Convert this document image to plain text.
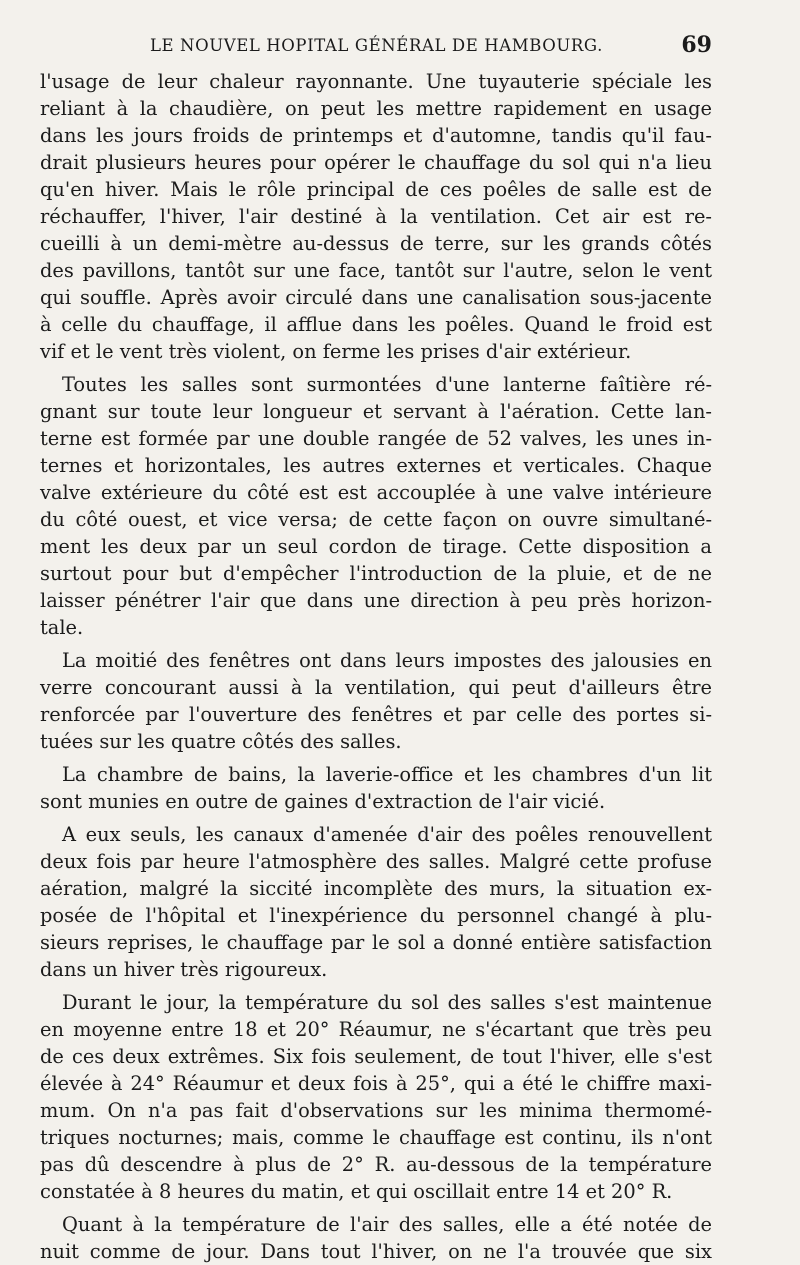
LE NOUVEL HOPITAL GÉNÉRAL DE HAMBOURG.	69
l'usage de leur chaleur rayonnante. Une tuyauterie spéciale les
reliant à la chaudière, on peut les mettre rapidement en usage
dans les jours froids de printemps et d'automne, tandis qu'il fau-
drait plusieurs heures pour opérer le chauffage du sol qui n'a lieu
qu'en hiver. Mais le rôle principal de ces poêles de salle est de
réchauffer, l'hiver, l'air destiné à la ventilation. Cet air est re-
cueilli à un demi-mètre au-dessus de terre, sur les grands côtés
des pavillons, tantôt sur une face, tantôt sur l'autre, selon le vent
qui souffle. Après avoir circulé dans une canalisation sous-jacente
à celle du chauffage, il afflue dans les poêles. Quand le froid est
vif et le vent très violent, on ferme les prises d'air extérieur.
Toutes les salles sont surmontées d'une lanterne faîtière ré-
gnant sur toute leur longueur et servant à l'aération. Cette lan-
terne est formée par une double rangée de 52 valves, les unes in-
ternes et horizontales, les autres externes et verticales. Chaque
valve extérieure du côté est est accouplée à une valve intérieure
du côté ouest, et vice versa; de cette façon on ouvre simultané-
ment les deux par un seul cordon de tirage. Cette disposition a
surtout pour but d'empêcher l'introduction de la pluie, et de ne
laisser pénétrer l'air que dans une direction à peu près horizon-
tale.
La moitié des fenêtres ont dans leurs impostes des jalousies en
verre concourant aussi à la ventilation, qui peut d'ailleurs être
renforcée par l'ouverture des fenêtres et par celle des portes si-
tuées sur les quatre côtés des salles.
La chambre de bains, la laverie-office et les chambres d'un lit
sont munies en outre de gaines d'extraction de l'air vicié.
A eux seuls, les canaux d'amenée d'air des poêles renouvellent
deux fois par heure l'atmosphère des salles. Malgré cette profuse
aération, malgré la siccité incomplète des murs, la situation ex-
posée de l'hôpital et l'inexpérience du personnel changé à plu-
sieurs reprises, le chauffage par le sol a donné entière satisfaction
dans un hiver très rigoureux.
Durant le jour, la température du sol des salles s'est maintenue
en moyenne entre 18 et 20° Réaumur, ne s'écartant que très peu
de ces deux extrêmes. Six fois seulement, de tout l'hiver, elle s'est
élevée à 24° Réaumur et deux fois à 25°, qui a été le chiffre maxi-
mum. On n'a pas fait d'observations sur les minima thermomé-
triques nocturnes; mais, comme le chauffage est continu, ils n'ont
pas dû descendre à plus de 2° R. au-dessous de la température
constatée à 8 heures du matin, et qui oscillait entre 14 et 20° R.
Quant à la température de l'air des salles, elle a été notée de
nuit comme de jour. Dans tout l'hiver, on ne l'a trouvée que six
